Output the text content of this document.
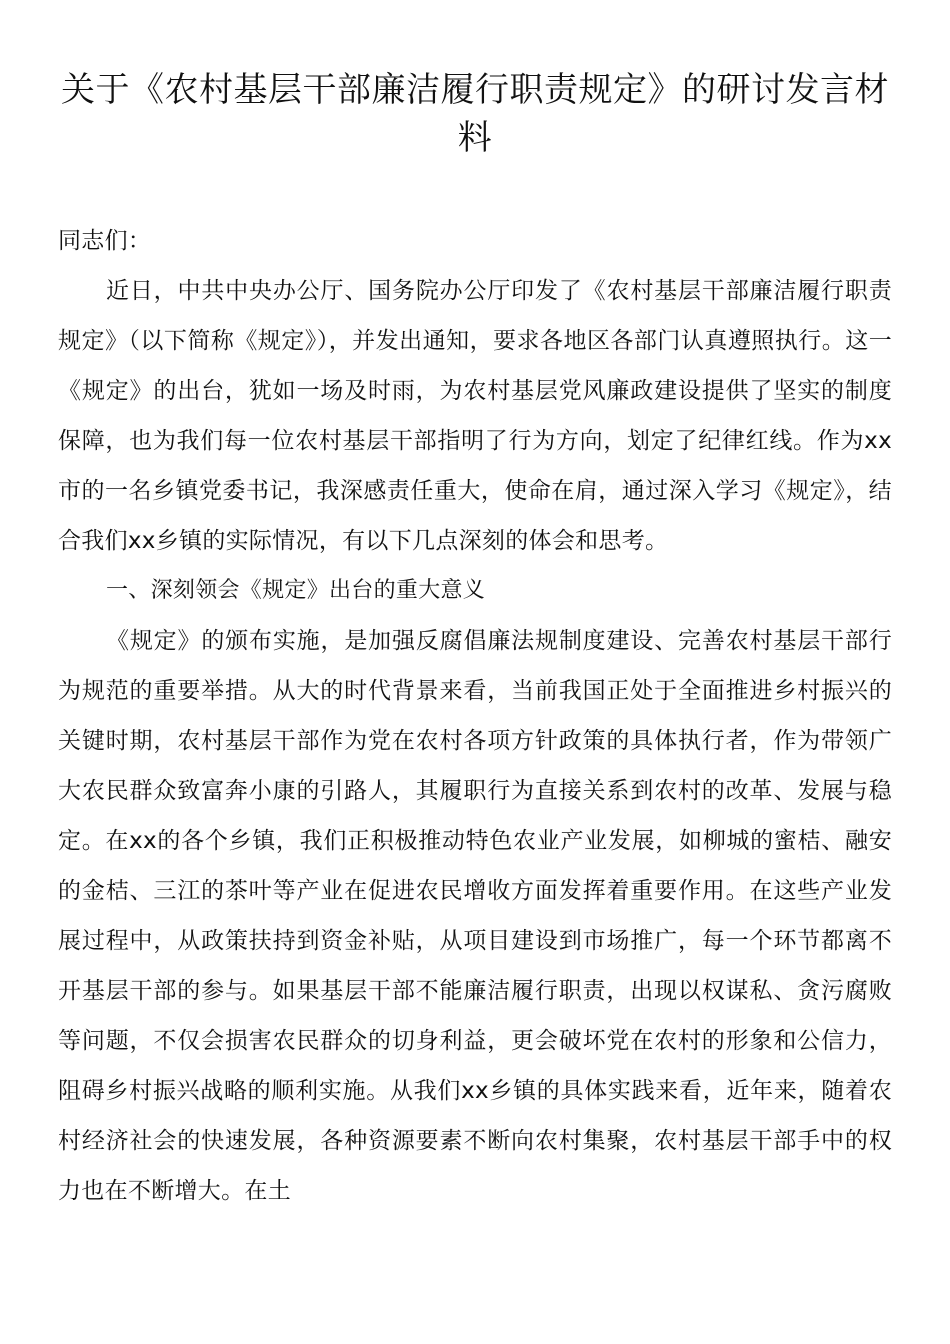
关于《农村基层干部廉洁履行职责规定》的研讨发言材料

同志们：

近日，中共中央办公厅、国务院办公厅印发了《农村基层干部廉洁履行职责规定》（以下简称《规定》），并发出通知，要求各地区各部门认真遵照执行。这一《规定》的出台，犹如一场及时雨，为农村基层党风廉政建设提供了坚实的制度保障，也为我们每一位农村基层干部指明了行为方向，划定了纪律红线。作为xx市的一名乡镇党委书记，我深感责任重大，使命在肩，通过深入学习《规定》，结合我们xx乡镇的实际情况，有以下几点深刻的体会和思考。

一、深刻领会《规定》出台的重大意义

《规定》的颁布实施，是加强反腐倡廉法规制度建设、完善农村基层干部行为规范的重要举措。从大的时代背景来看，当前我国正处于全面推进乡村振兴的关键时期，农村基层干部作为党在农村各项方针政策的具体执行者，作为带领广大农民群众致富奔小康的引路人，其履职行为直接关系到农村的改革、发展与稳定。在xx的各个乡镇，我们正积极推动特色农业产业发展，如柳城的蜜桔、融安的金桔、三江的茶叶等产业在促进农民增收方面发挥着重要作用。在这些产业发展过程中，从政策扶持到资金补贴，从项目建设到市场推广，每一个环节都离不开基层干部的参与。如果基层干部不能廉洁履行职责，出现以权谋私、贪污腐败等问题，不仅会损害农民群众的切身利益，更会破坏党在农村的形象和公信力，阻碍乡村振兴战略的顺利实施。从我们xx乡镇的具体实践来看，近年来，随着农村经济社会的快速发展，各种资源要素不断向农村集聚，农村基层干部手中的权力也在不断增大。在土
